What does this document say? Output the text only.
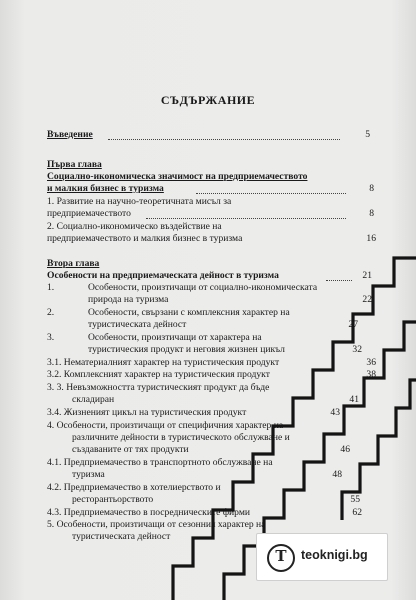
СЪДЪРЖАНИЕ
Въведение	5
Първа глава
Социално-икономическа значимост на предприемачеството
и малкия бизнес в туризма	8
1. Развитие на научно-теоретичната мисъл за
предприемачеството	8
2. Социално-икономическо въздействие на
предприемачеството и малкия бизнес в туризма	16
Втора глава
Особености на предприемаческата дейност в туризма	21
1.	Особености, произтичащи от социално-икономическата
природа на туризма	22
2.	Особености, свързани с комплексния характер на
туристическата дейност	27
3.	Особености, произтичащи от характера на
туристическия продукт и неговия жизнен цикъл	32
3.1. Нематериалният характер на туристическия продукт	36
3.2. Комплексният характер на туристическия продукт	38
3. 3. Невъзможността туристическият продукт да бъде
складиран	41
3.4. Жизненият цикъл на туристическия продукт	43
4. Особености, произтичащи от специфичния характер на
различните дейности в туристическото обслужване и
създаваните от тях продукти	46
4.1. Предприемачество в транспортното обслужване на
туризма	48
4.2. Предприемачество в хотелиерството и
ресторантьорството	55
4.3. Предприемачество в посредническите фирми	62
5. Особености, произтичащи от сезонния характер на
туристическата дейност
T	teoknigi.bg
